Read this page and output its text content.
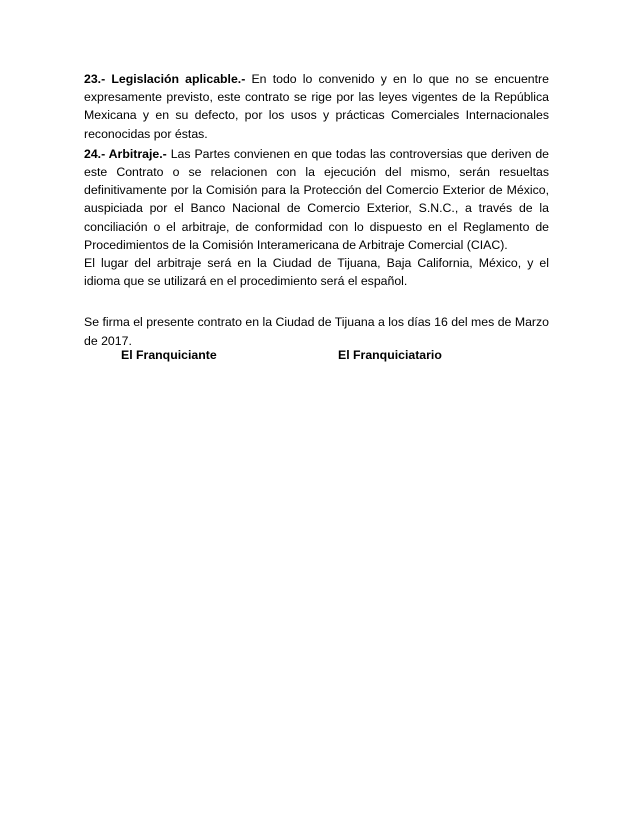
23.- Legislación aplicable.- En todo lo convenido y en lo que no se encuentre expresamente previsto, este contrato se rige por las leyes vigentes de la República Mexicana y en su defecto, por los usos y prácticas Comerciales Internacionales reconocidas por éstas.

24.- Arbitraje.- Las Partes convienen en que todas las controversias que deriven de este Contrato o se relacionen con la ejecución del mismo, serán resueltas definitivamente por la Comisión para la Protección del Comercio Exterior de México, auspiciada por el Banco Nacional de Comercio Exterior, S.N.C., a través de la conciliación o el arbitraje, de conformidad con lo dispuesto en el Reglamento de Procedimientos de la Comisión Interamericana de Arbitraje Comercial (CIAC).

El lugar del arbitraje será en la Ciudad de Tijuana, Baja California, México, y el idioma que se utilizará en el procedimiento será el español.

Se firma el presente contrato en la Ciudad de Tijuana a los días 16 del mes de Marzo de 2017.

El Franquiciante	El Franquiciatario
